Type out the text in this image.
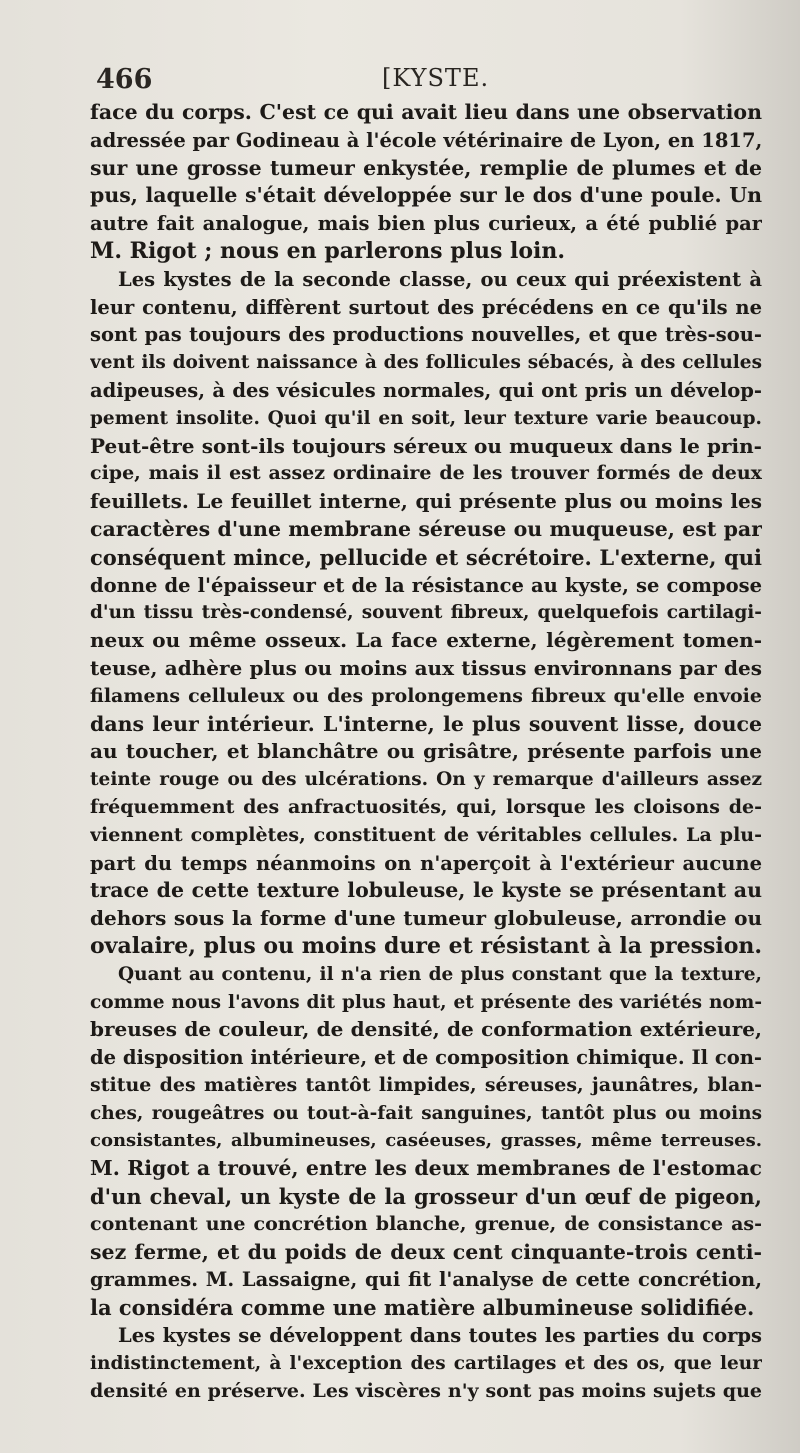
466	[KYSTE.
face du corps. C'est ce qui avait lieu dans une observation
adressée par Godineau à l'école vétérinaire de Lyon, en 1817,
sur une grosse tumeur enkystée, remplie de plumes et de
pus, laquelle s'était développée sur le dos d'une poule. Un
autre fait analogue, mais bien plus curieux, a été publié par
M. Rigot ; nous en parlerons plus loin.
Les kystes de la seconde classe, ou ceux qui préexistent à
leur contenu, diffèrent surtout des précédens en ce qu'ils ne
sont pas toujours des productions nouvelles, et que très-sou-
vent ils doivent naissance à des follicules sébacés, à des cellules
adipeuses, à des vésicules normales, qui ont pris un dévelop-
pement insolite. Quoi qu'il en soit, leur texture varie beaucoup.
Peut-être sont-ils toujours séreux ou muqueux dans le prin-
cipe, mais il est assez ordinaire de les trouver formés de deux
feuillets. Le feuillet interne, qui présente plus ou moins les
caractères d'une membrane séreuse ou muqueuse, est par
conséquent mince, pellucide et sécrétoire. L'externe, qui
donne de l'épaisseur et de la résistance au kyste, se compose
d'un tissu très-condensé, souvent fibreux, quelquefois cartilagi-
neux ou même osseux. La face externe, légèrement tomen-
teuse, adhère plus ou moins aux tissus environnans par des
filamens celluleux ou des prolongemens fibreux qu'elle envoie
dans leur intérieur. L'interne, le plus souvent lisse, douce
au toucher, et blanchâtre ou grisâtre, présente parfois une
teinte rouge ou des ulcérations. On y remarque d'ailleurs assez
fréquemment des anfractuosités, qui, lorsque les cloisons de-
viennent complètes, constituent de véritables cellules. La plu-
part du temps néanmoins on n'aperçoit à l'extérieur aucune
trace de cette texture lobuleuse, le kyste se présentant au
dehors sous la forme d'une tumeur globuleuse, arrondie ou
ovalaire, plus ou moins dure et résistant à la pression.
Quant au contenu, il n'a rien de plus constant que la texture,
comme nous l'avons dit plus haut, et présente des variétés nom-
breuses de couleur, de densité, de conformation extérieure,
de disposition intérieure, et de composition chimique. Il con-
stitue des matières tantôt limpides, séreuses, jaunâtres, blan-
ches, rougeâtres ou tout-à-fait sanguines, tantôt plus ou moins
consistantes, albumineuses, caséeuses, grasses, même terreuses.
M. Rigot a trouvé, entre les deux membranes de l'estomac
d'un cheval, un kyste de la grosseur d'un œuf de pigeon,
contenant une concrétion blanche, grenue, de consistance as-
sez ferme, et du poids de deux cent cinquante-trois centi-
grammes. M. Lassaigne, qui fit l'analyse de cette concrétion,
la considéra comme une matière albumineuse solidifiée.
Les kystes se développent dans toutes les parties du corps
indistinctement, à l'exception des cartilages et des os, que leur
densité en préserve. Les viscères n'y sont pas moins sujets que
